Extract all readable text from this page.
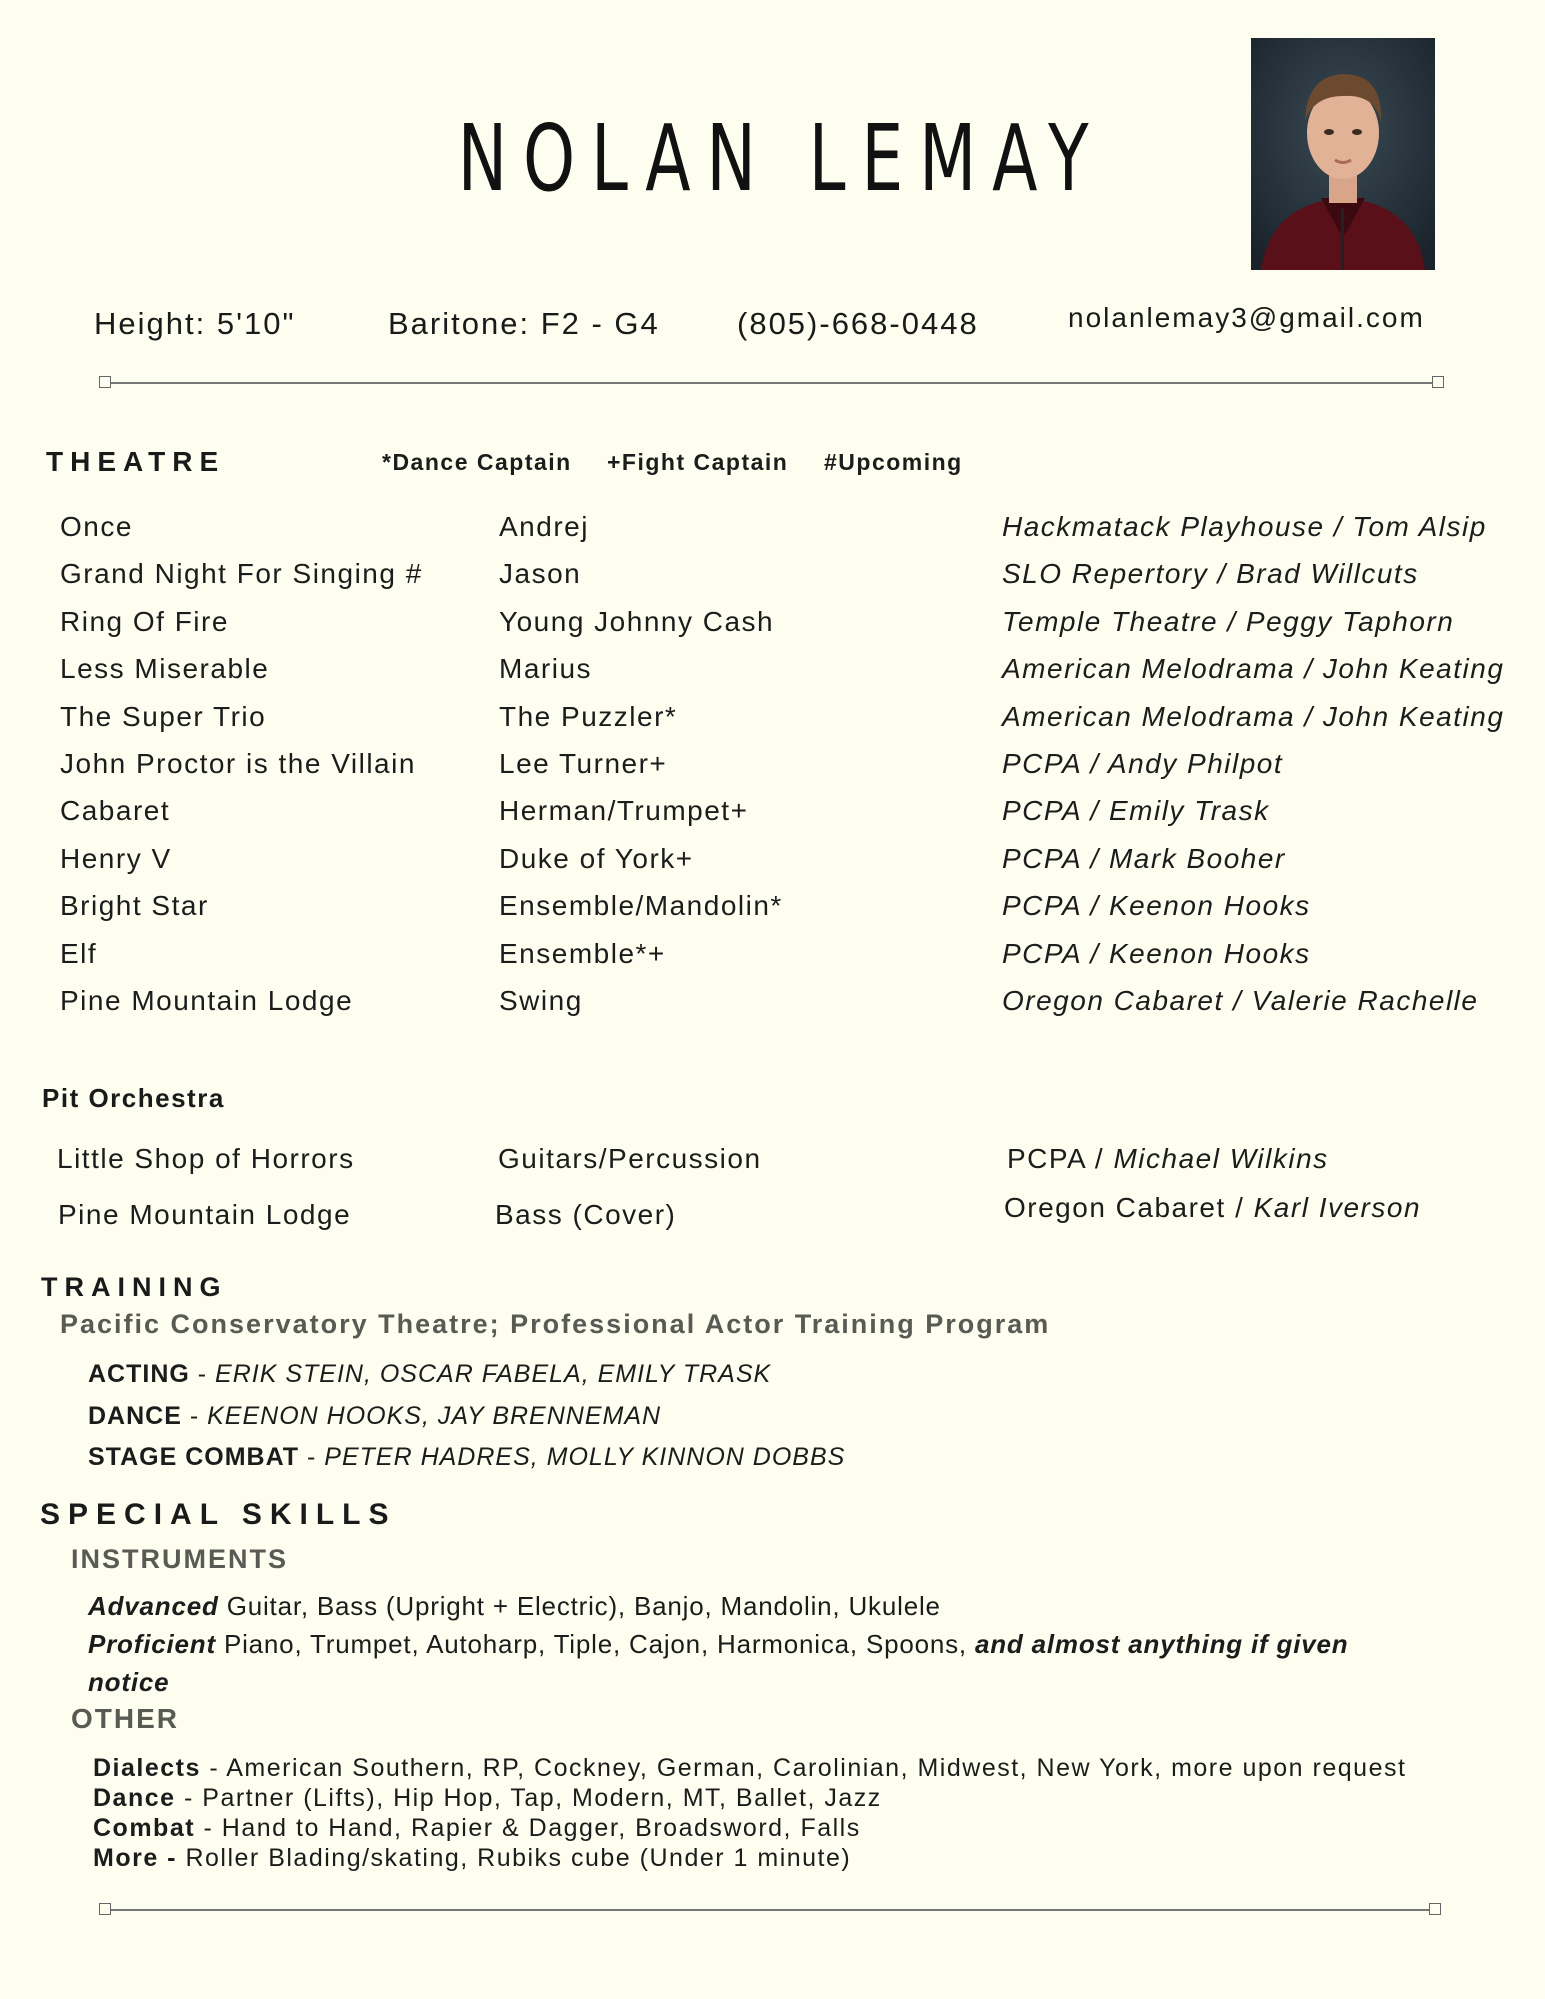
NOLAN LEMAY
Height: 5'10"	Baritone: F2 - G4 (805)-668-0448	nolanlemay3@gmail.com
THEATRE	*Dance Captain +Fight Captain #Upcoming
Once	Andrej	Hackmatack Playhouse / Tom Alsip
Grand Night For Singing #	Jason	SLO Repertory / Brad Willcuts
Ring Of Fire	Young Johnny Cash	Temple Theatre / Peggy Taphorn
Less Miserable	Marius	American Melodrama / John Keating
The Super Trio	The Puzzler*	American Melodrama / John Keating
John Proctor is the Villain	Lee Turner+	PCPA / Andy Philpot
Cabaret	Herman/Trumpet+	PCPA / Emily Trask
Henry V	Duke of York+	PCPA / Mark Booher
Bright Star	Ensemble/Mandolin*	PCPA / Keenon Hooks
Elf	Ensemble*+	PCPA / Keenon Hooks
Pine Mountain Lodge	Swing	Oregon Cabaret / Valerie Rachelle
Pit Orchestra
Little Shop of Horrors	Guitars/Percussion	PCPA / Michael Wilkins
Pine Mountain Lodge	Bass (Cover)	Oregon Cabaret / Karl Iverson
TRAINING
Pacific Conservatory Theatre; Professional Actor Training Program
ACTING - ERIK STEIN, OSCAR FABELA, EMILY TRASK
DANCE - KEENON HOOKS, JAY BRENNEMAN
STAGE COMBAT - PETER HADRES, MOLLY KINNON DOBBS
SPECIAL SKILLS
INSTRUMENTS
Advanced Guitar, Bass (Upright + Electric), Banjo, Mandolin, Ukulele
Proficient Piano, Trumpet, Autoharp, Tiple, Cajon, Harmonica, Spoons, and almost anything if given
notice
OTHER
Dialects - American Southern, RP, Cockney, German, Carolinian, Midwest, New York, more upon request
Dance - Partner (Lifts), Hip Hop, Tap, Modern, MT, Ballet, Jazz
Combat - Hand to Hand, Rapier & Dagger, Broadsword, Falls
More - Roller Blading/skating, Rubiks cube (Under 1 minute)
